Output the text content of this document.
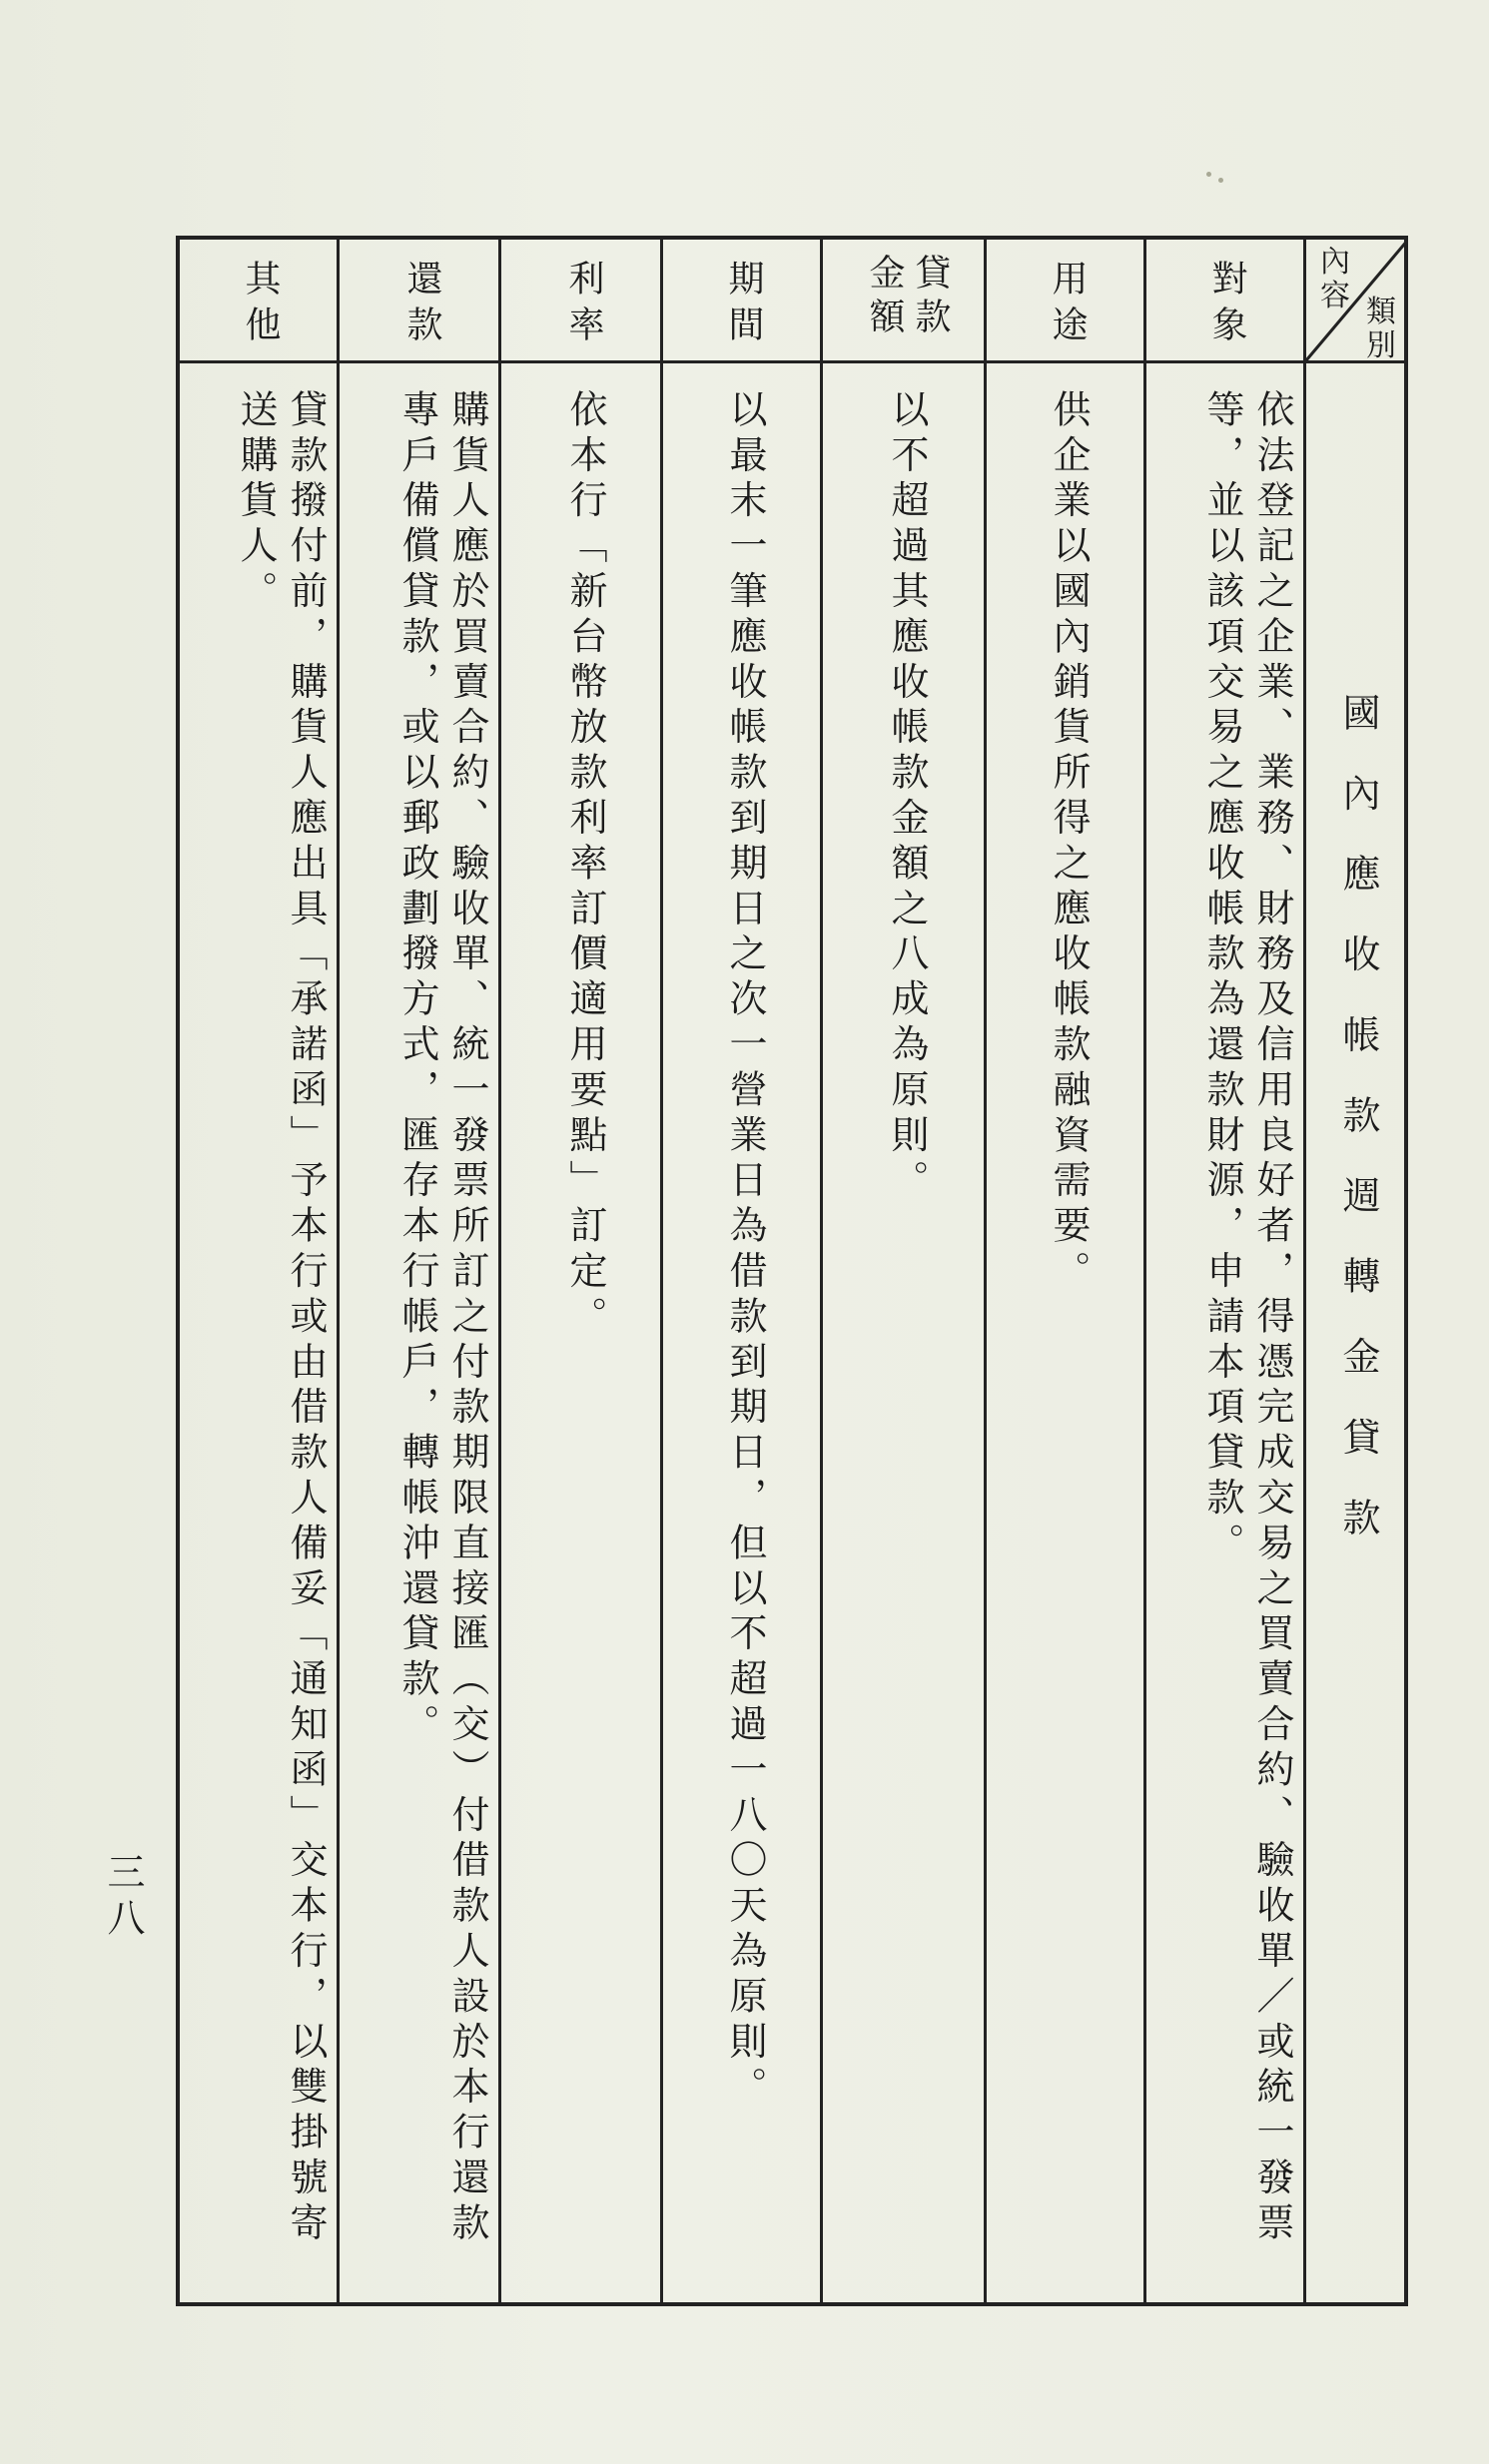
其他
貸款撥付前，購貨人應出具「承諾函」予本行或由借款人備妥「通知函」交本行，以雙掛號寄送購貨人。
還款
購貨人應於買賣合約、驗收單、統一發票所訂之付款期限直接匯（交）付借款人設於本行還款專戶備償貸款，或以郵政劃撥方式，匯存本行帳戶，轉帳沖還貸款。
利率
依本行「新台幣放款利率訂價適用要點」訂定。
期間
以最末一筆應收帳款到期日之次一營業日為借款到期日，但以不超過一八〇天為原則。
貸款金額
以不超過其應收帳款金額之八成為原則。
用途
供企業以國內銷貨所得之應收帳款融資需要。
對象
依法登記之企業、業務、財務及信用良好者，得憑完成交易之買賣合約、驗收單／或統一發票等，並以該項交易之應收帳款為還款財源，申請本項貸款。
內容 類別
國內應收帳款週轉金貸款
三八
